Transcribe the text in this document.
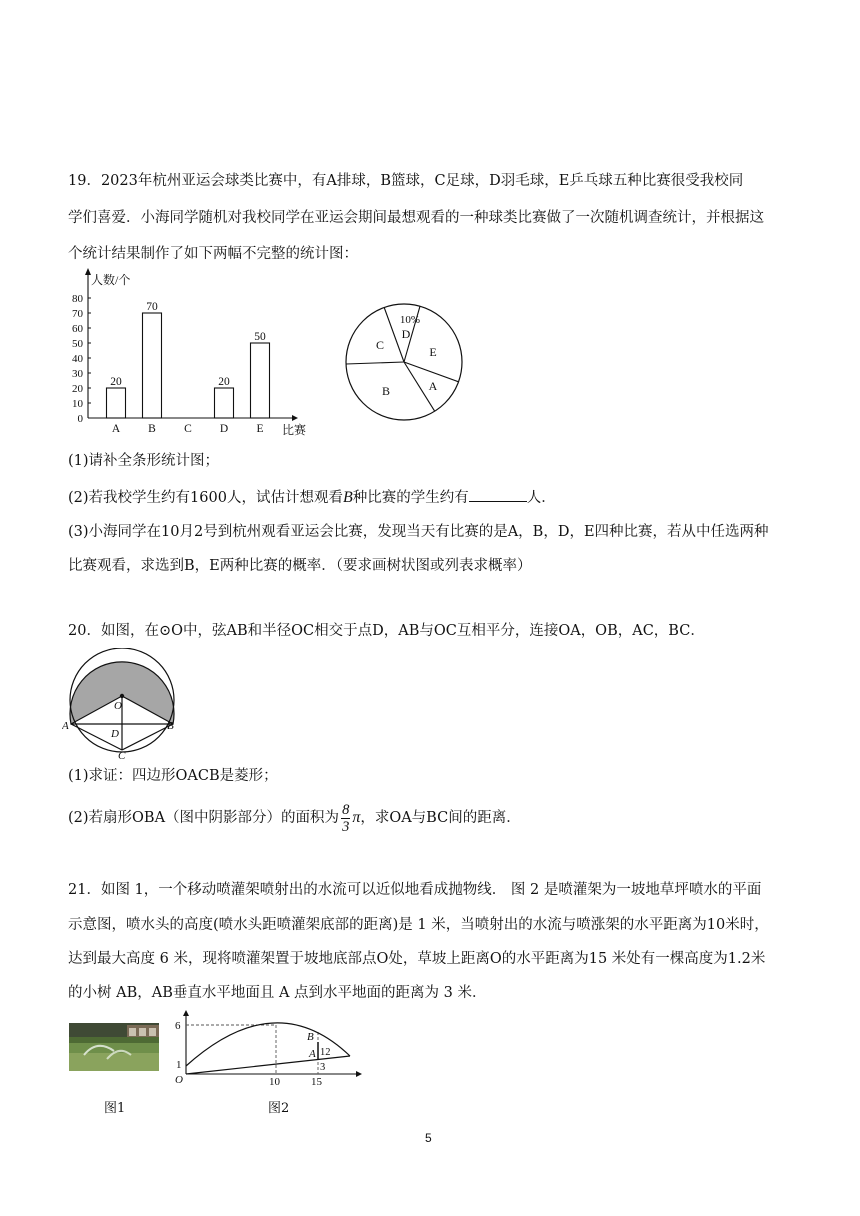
19．2023年杭州亚运会球类比赛中，有A排球，B篮球，C足球，D羽毛球，E乒乓球五种比赛很受我校同
学们喜爱．小海同学随机对我校同学在亚运会期间最想观看的一种球类比赛做了一次随机调查统计，并根据这
个统计结果制作了如下两幅不完整的统计图：
0
10
20
30
40
50
60
70
80
人数/个
比赛
A
20
B
70
C D
20
E
50	D
E
A
B
C
10%
(1)请补全条形统计图；
(2)若我校学生约有1600人，试估计想观看B种比赛的学生约有	人．
(3)小海同学在10月2号到杭州观看亚运会比赛，发现当天有比赛的是A，B，D，E四种比赛，若从中任选两种
比赛观看，求选到B，E两种比赛的概率．（要求画树状图或列表求概率）
20．如图，在⊙O中，弦AB和半径OC相交于点D，AB与OC互相平分，连接OA，OB，AC，BC．
O
A	B
D
C
(1)求证：四边形OACB是菱形；
(2)若扇形OBA（图中阴影部分）的面积为 $\frac{8}{3}$ π，求OA与BC间的距离．
21．如图 1，一个移动喷灌架喷射出的水流可以近似地看成抛物线． 图 2 是喷灌架为一坡地草坪喷水的平面
示意图，喷水头的高度(喷水头距喷灌架底部的距离)是 1 米，当喷射出的水流与喷涨架的水平距离为10米时，
达到最大高度 6 米，现将喷灌架置于坡地底部点O处，草坡上距离O的水平距离为15 米处有一棵高度为1.2米
的小树 AB，AB垂直水平地面且 A 点到水平地面的距离为 3 米．
图1
6
1
O	10	15
B
A 12
3
图2
5
